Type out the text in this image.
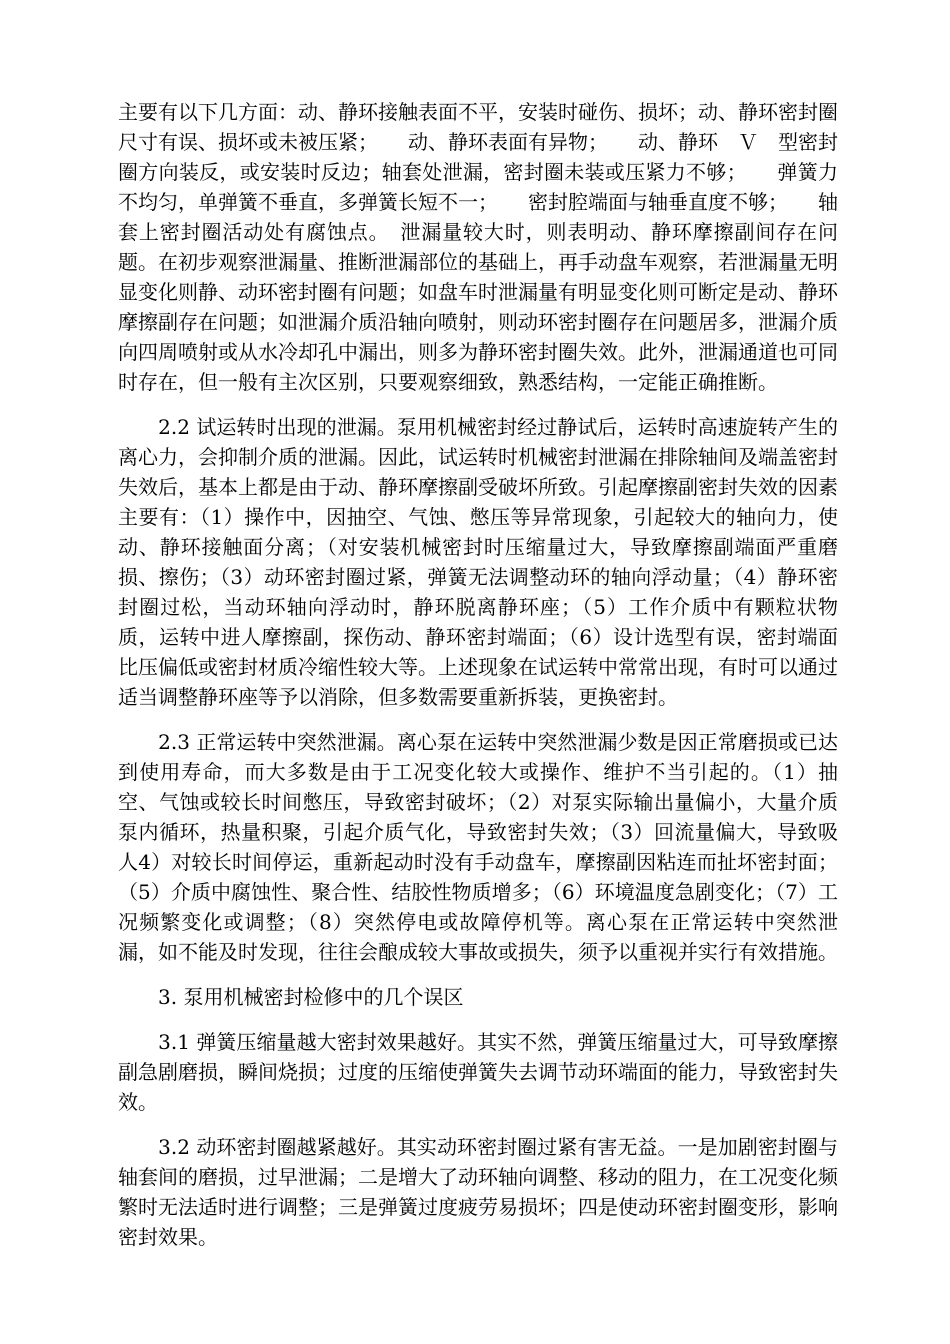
主要有以下几方面：动、静环接触表面不平，安装时碰伤、损坏；动、静环密封圈尺寸有误、损坏或未被压紧；　　动、静环表面有异物；　　动、静环　Ｖ　型密封圈方向装反，或安装时反边；轴套处泄漏，密封圈未装或压紧力不够；　　弹簧力不均匀，单弹簧不垂直，多弹簧长短不一；　　密封腔端面与轴垂直度不够；　　轴套上密封圈活动处有腐蚀点。　泄漏量较大时，则表明动、静环摩擦副间存在问题。在初步观察泄漏量、推断泄漏部位的基础上，再手动盘车观察，若泄漏量无明显变化则静、动环密封圈有问题；如盘车时泄漏量有明显变化则可断定是动、静环摩擦副存在问题；如泄漏介质沿轴向喷射，则动环密封圈存在问题居多，泄漏介质向四周喷射或从水冷却孔中漏出，则多为静环密封圈失效。此外，泄漏通道也可同时存在，但一般有主次区别，只要观察细致，熟悉结构，一定能正确推断。

　　2.2 试运转时出现的泄漏。泵用机械密封经过静试后，运转时高速旋转产生的离心力，会抑制介质的泄漏。因此，试运转时机械密封泄漏在排除轴间及端盖密封失效后，基本上都是由于动、静环摩擦副受破坏所致。引起摩擦副密封失效的因素主要有：（1）操作中，因抽空、气蚀、憋压等异常现象，引起较大的轴向力，使动、静环接触面分离；（对安装机械密封时压缩量过大，导致摩擦副端面严重磨损、擦伤；（3）动环密封圈过紧，弹簧无法调整动环的轴向浮动量；（4）静环密封圈过松，当动环轴向浮动时，静环脱离静环座；（5）工作介质中有颗粒状物质，运转中进人摩擦副，探伤动、静环密封端面；（6）设计选型有误，密封端面比压偏低或密封材质冷缩性较大等。上述现象在试运转中常常出现，有时可以通过适当调整静环座等予以消除，但多数需要重新拆装，更换密封。

　　2.3 正常运转中突然泄漏。离心泵在运转中突然泄漏少数是因正常磨损或已达到使用寿命，而大多数是由于工况变化较大或操作、维护不当引起的。（1）抽空、气蚀或较长时间憋压，导致密封破坏；（2）对泵实际输出量偏小，大量介质泵内循环，热量积聚，引起介质气化，导致密封失效；（3）回流量偏大，导致吸人4）对较长时间停运，重新起动时没有手动盘车，摩擦副因粘连而扯坏密封面；（5）介质中腐蚀性、聚合性、结胶性物质增多；（6）环境温度急剧变化；（7）工况频繁变化或调整；（8）突然停电或故障停机等。离心泵在正常运转中突然泄漏，如不能及时发现，往往会酿成较大事故或损失，须予以重视并实行有效措施。

　　3. 泵用机械密封检修中的几个误区

　　3.1 弹簧压缩量越大密封效果越好。其实不然，弹簧压缩量过大，可导致摩擦副急剧磨损，瞬间烧损；过度的压缩使弹簧失去调节动环端面的能力，导致密封失效。

　　3.2 动环密封圈越紧越好。其实动环密封圈过紧有害无益。一是加剧密封圈与轴套间的磨损，过早泄漏；二是增大了动环轴向调整、移动的阻力，在工况变化频繁时无法适时进行调整；三是弹簧过度疲劳易损坏；四是使动环密封圈变形，影响密封效果。
